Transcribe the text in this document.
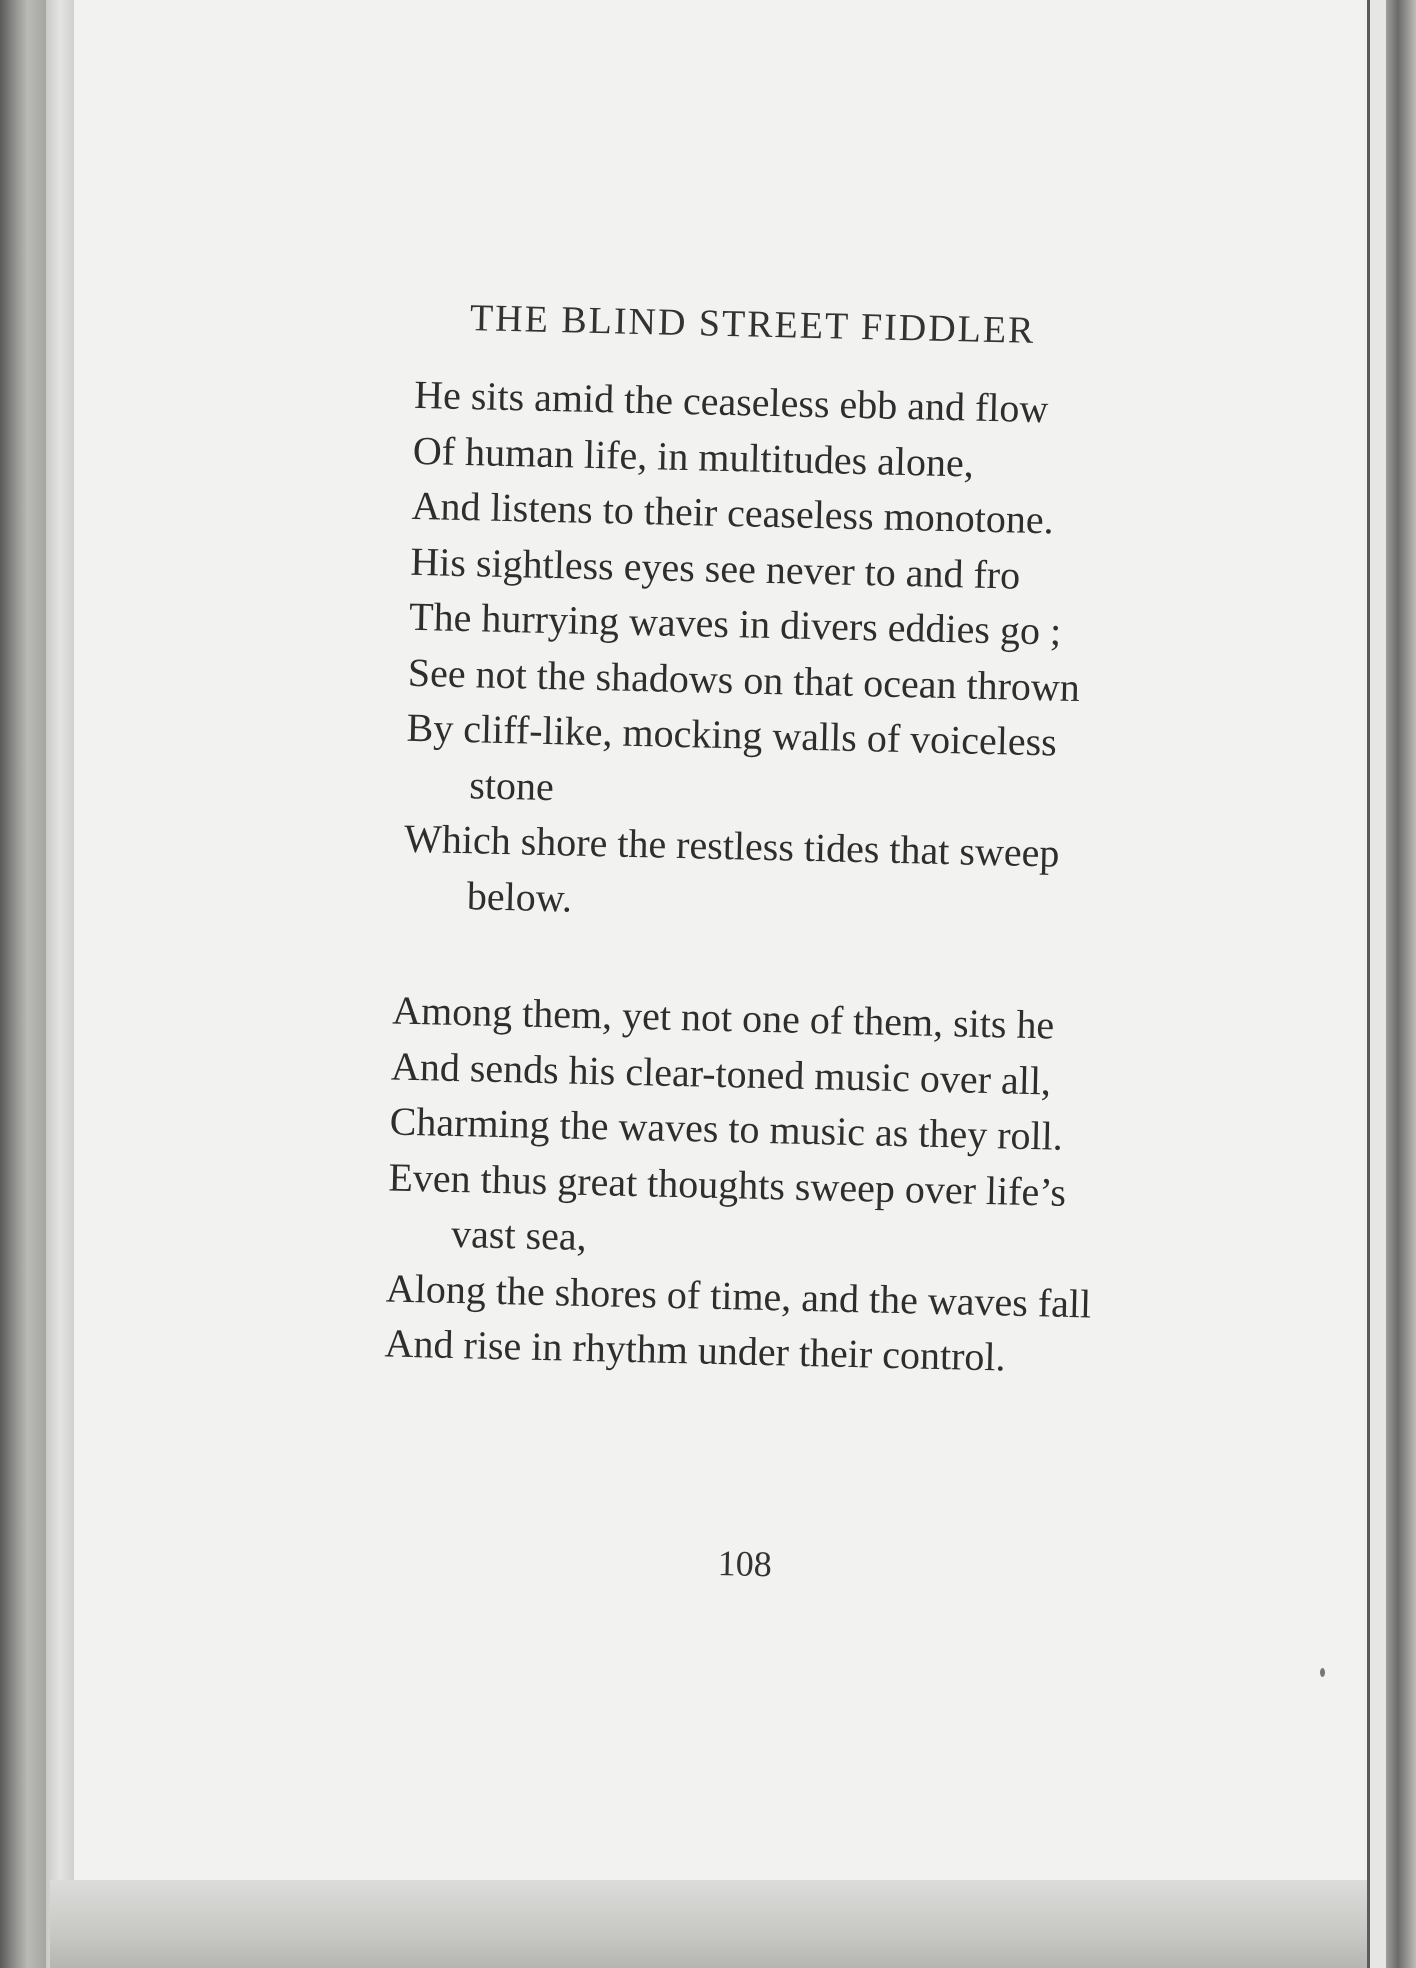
THE BLIND STREET FIDDLER
He sits amid the ceaseless ebb and flow
Of human life, in multitudes alone,
And listens to their ceaseless monotone.
His sightless eyes see never to and fro
The hurrying waves in divers eddies go ;
See not the shadows on that ocean thrown
By cliff-like, mocking walls of voiceless
stone
Which shore the restless tides that sweep
below.
Among them, yet not one of them, sits he
And sends his clear-toned music over all,
Charming the waves to music as they roll.
Even thus great thoughts sweep over life’s
vast sea,
Along the shores of time, and the waves fall
And rise in rhythm under their control.
108
